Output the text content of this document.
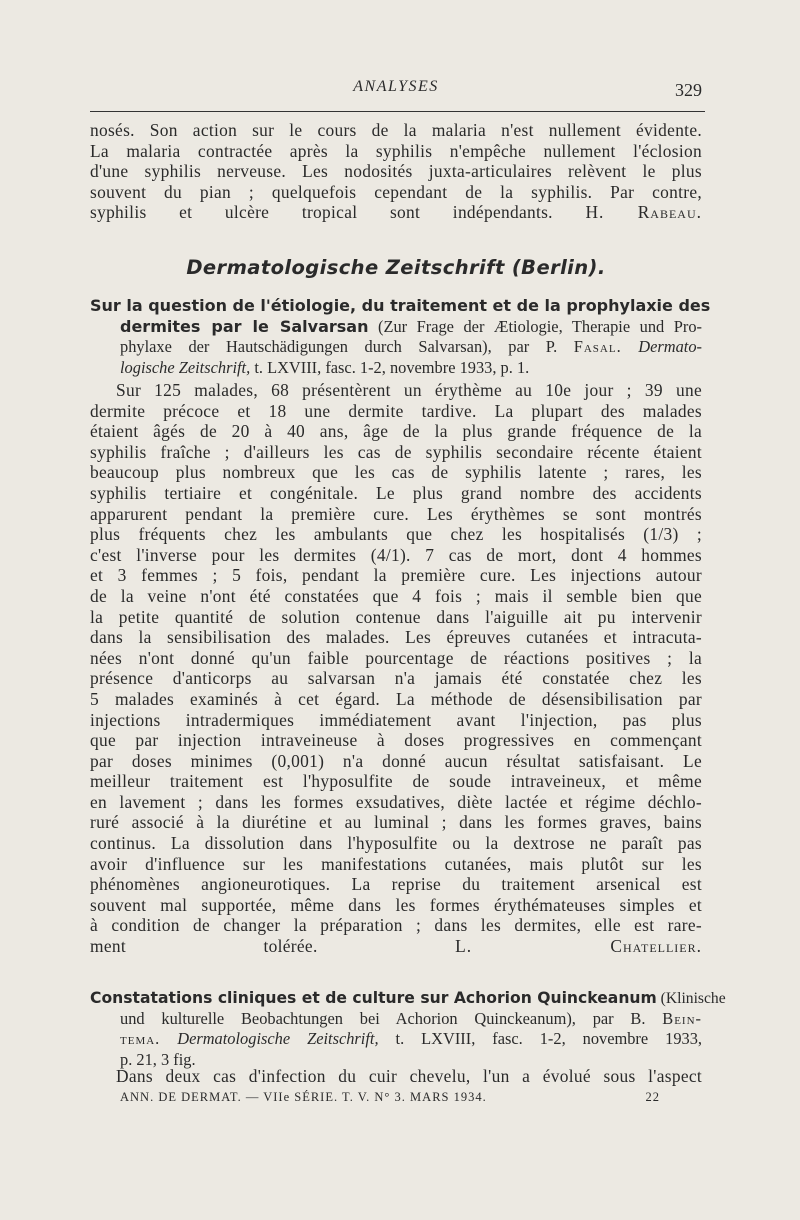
ANALYSES	329
nosés. Son action sur le cours de la malaria n'est nullement évidente.
La malaria contractée après la syphilis n'empêche nullement l'éclosion
d'une syphilis nerveuse. Les nodosités juxta-articulaires relèvent le plus
souvent du pian ; quelquefois cependant de la syphilis. Par contre,
syphilis et ulcère tropical sont indépendants. H. Rabeau.
Dermatologische Zeitschrift (Berlin).
Sur la question de l'étiologie, du traitement et de la prophylaxie des
dermites par le Salvarsan (Zur Frage der Ætiologie, Therapie und Pro-
phylaxe der Hautschädigungen durch Salvarsan), par P. Fasal. Dermato-
logische Zeitschrift, t. LXVIII, fasc. 1-2, novembre 1933, p. 1.
Sur 125 malades, 68 présentèrent un érythème au 10e jour ; 39 une
dermite précoce et 18 une dermite tardive. La plupart des malades
étaient âgés de 20 à 40 ans, âge de la plus grande fréquence de la
syphilis fraîche ; d'ailleurs les cas de syphilis secondaire récente étaient
beaucoup plus nombreux que les cas de syphilis latente ; rares, les
syphilis tertiaire et congénitale. Le plus grand nombre des accidents
apparurent pendant la première cure. Les érythèmes se sont montrés
plus fréquents chez les ambulants que chez les hospitalisés (1/3) ;
c'est l'inverse pour les dermites (4/1). 7 cas de mort, dont 4 hommes
et 3 femmes ; 5 fois, pendant la première cure. Les injections autour
de la veine n'ont été constatées que 4 fois ; mais il semble bien que
la petite quantité de solution contenue dans l'aiguille ait pu intervenir
dans la sensibilisation des malades. Les épreuves cutanées et intracuta-
nées n'ont donné qu'un faible pourcentage de réactions positives ; la
présence d'anticorps au salvarsan n'a jamais été constatée chez les
5 malades examinés à cet égard. La méthode de désensibilisation par
injections intradermiques immédiatement avant l'injection, pas plus
que par injection intraveineuse à doses progressives en commençant
par doses minimes (0,001) n'a donné aucun résultat satisfaisant. Le
meilleur traitement est l'hyposulfite de soude intraveineux, et même
en lavement ; dans les formes exsudatives, diète lactée et régime déchlo-
ruré associé à la diurétine et au luminal ; dans les formes graves, bains
continus. La dissolution dans l'hyposulfite ou la dextrose ne paraît pas
avoir d'influence sur les manifestations cutanées, mais plutôt sur les
phénomènes angioneurotiques. La reprise du traitement arsenical est
souvent mal supportée, même dans les formes érythémateuses simples et
à condition de changer la préparation ; dans les dermites, elle est rare-
ment tolérée.	L. Chatellier.
Constatations cliniques et de culture sur Achorion Quinckeanum (Klinische
und kulturelle Beobachtungen bei Achorion Quinckeanum), par B. Bein-
tema. Dermatologische Zeitschrift, t. LXVIII, fasc. 1-2, novembre 1933,
p. 21, 3 fig.
Dans deux cas d'infection du cuir chevelu, l'un a évolué sous l'aspect
ANN. DE DERMAT. — VIIe SÉRIE. T. V. N° 3. MARS 1934.	22
